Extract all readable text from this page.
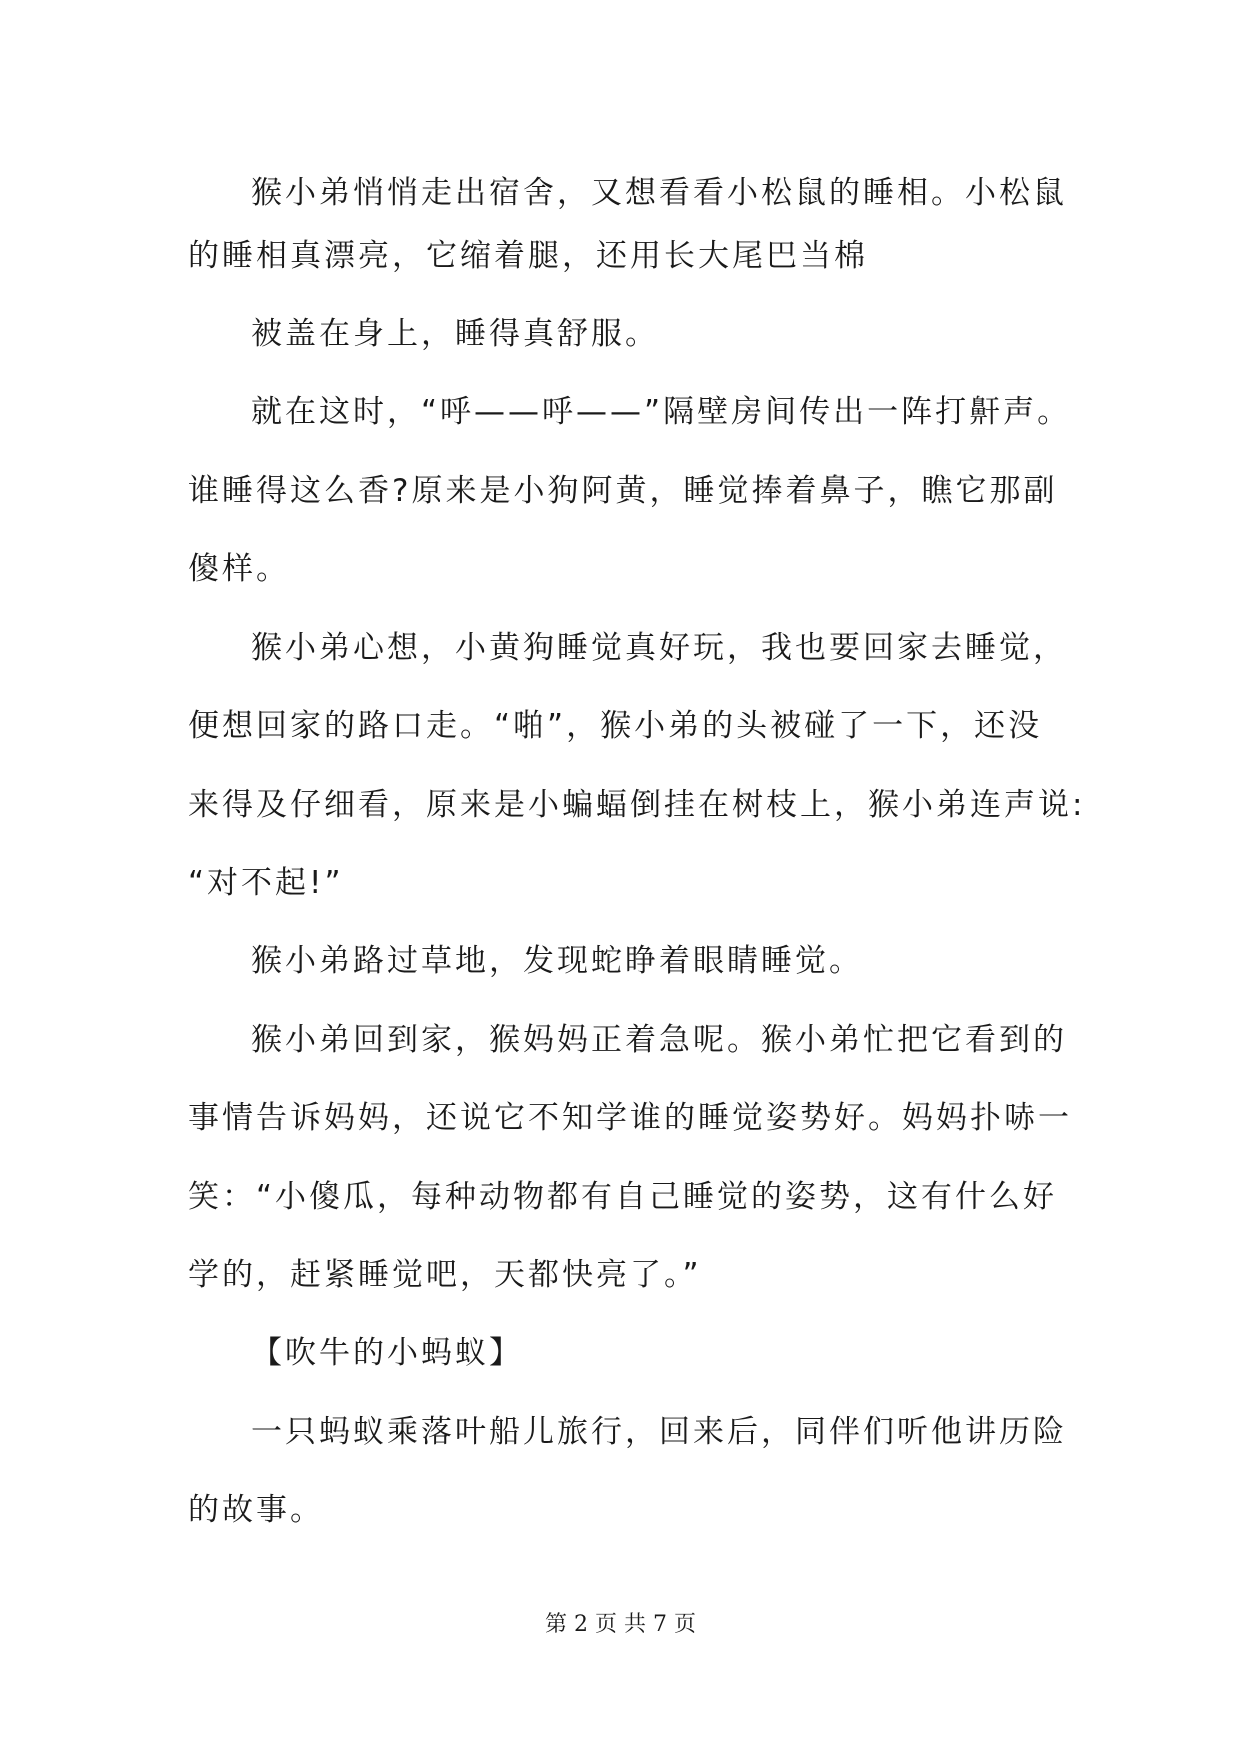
猴小弟悄悄走出宿舍，又想看看小松鼠的睡相。小松鼠
的睡相真漂亮，它缩着腿，还用长大尾巴当棉
被盖在身上，睡得真舒服。
就在这时，“呼——呼——”隔壁房间传出一阵打鼾声。
谁睡得这么香?原来是小狗阿黄，睡觉捧着鼻子，瞧它那副
傻样。
猴小弟心想，小黄狗睡觉真好玩，我也要回家去睡觉，
便想回家的路口走。“啪”，猴小弟的头被碰了一下，还没
来得及仔细看，原来是小蝙蝠倒挂在树枝上，猴小弟连声说:
“对不起!”
猴小弟路过草地，发现蛇睁着眼睛睡觉。
猴小弟回到家，猴妈妈正着急呢。猴小弟忙把它看到的
事情告诉妈妈，还说它不知学谁的睡觉姿势好。妈妈扑哧一
笑：“小傻瓜，每种动物都有自己睡觉的姿势，这有什么好
学的，赶紧睡觉吧，天都快亮了。”
【吹牛的小蚂蚁】
一只蚂蚁乘落叶船儿旅行，回来后，同伴们听他讲历险
的故事。
第 2 页 共 7 页
